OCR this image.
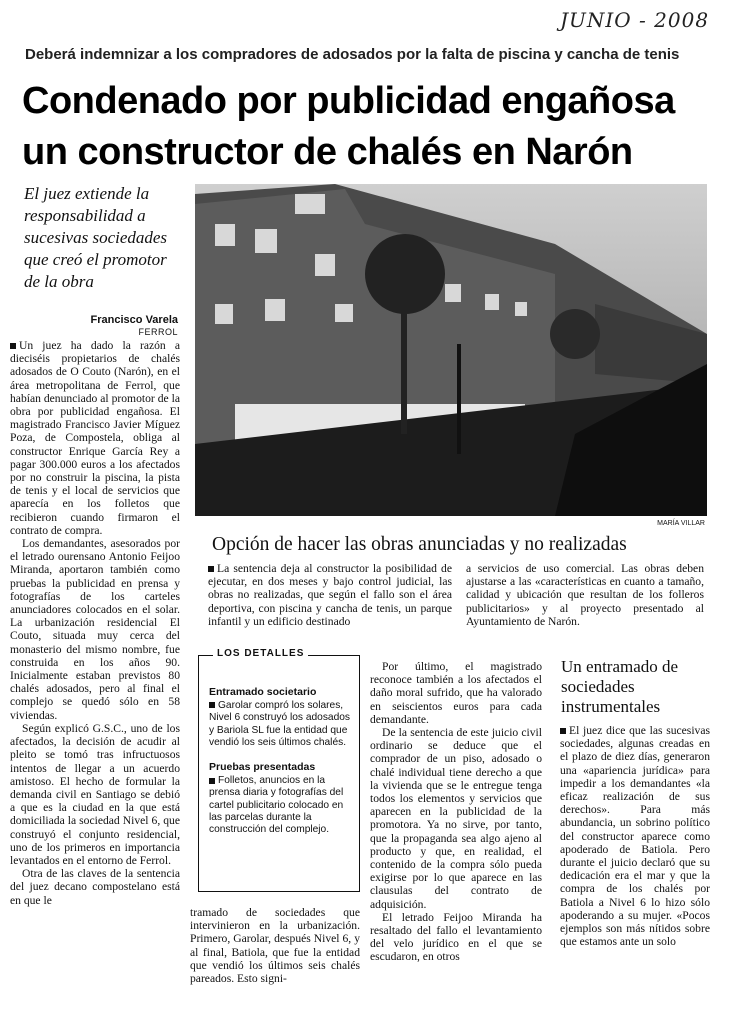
JUNIO - 2008
Deberá indemnizar a los compradores de adosados por la falta de piscina y cancha de tenis
Condenado por publicidad engañosa
un constructor de chalés en Narón
El juez extiende la responsabilidad a sucesivas sociedades que creó el promotor de la obra
Francisco Varela
FERROL
MARÍA VILLAR

Un juez ha dado la razón a dieciséis propietarios de chalés adosados de O Couto (Narón), en el área metropolitana de Ferrol, que habían denunciado al promotor de la obra por publicidad engañosa. El magistrado Francisco Javier Míguez Poza, de Compostela, obliga al constructor Enrique García Rey a pagar 300.000 euros a los afectados por no construir la piscina, la pista de tenis y el local de servicios que aparecía en los folletos que recibieron cuando firmaron el contrato de compra.

Los demandantes, asesorados por el letrado ourensano Antonio Feijoo Miranda, aportaron también como pruebas la publicidad en prensa y fotografías de los carteles anunciadores colocados en el solar. La urbanización residencial El Couto, situada muy cerca del monasterio del mismo nombre, fue construida en los años 90. Inicialmente estaban previstos 80 chalés adosados, pero al final el complejo se quedó sólo en 58 viviendas.

Según explicó G.S.C., uno de los afectados, la decisión de acudir al pleito se tomó tras infructuosos intentos de llegar a un acuerdo amistoso. El hecho de formular la demanda civil en Santiago se debió a que es la ciudad en la que está domiciliada la sociedad Nivel 6, que construyó el conjunto residencial, uno de los primeros en importancia levantados en el entorno de Ferrol.

Otra de las claves de la sentencia del juez decano compostelano está en que le

Opción de hacer las obras anunciadas y no realizadas

La sentencia deja al constructor la posibilidad de ejecutar, en dos meses y bajo control judicial, las obras no realizadas, que según el fallo son el área deportiva, con piscina y cancha de tenis, un parque infantil y un edificio destinado

a servicios de uso comercial. Las obras deben ajustarse a las «características en cuanto a tamaño, calidad y ubicación que resultan de los folleros publicitarios» y al proyecto presentado al Ayuntamiento de Narón.

LOS DETALLES
Entramado societario

Garolar compró los solares, Nivel 6 construyó los adosados y Bariola SL fue la entidad que vendió los seis últimos chalés.

Pruebas presentadas

Folletos, anuncios en la prensa diaria y fotografías del cartel publicitario colocado en las parcelas durante la construcción del complejo.

tramado de sociedades que intervinieron en la urbanización. Primero, Garolar, después Nivel 6, y al final, Batiola, que fue la entidad que vendió los últimos seis chalés pareados. Esto signi-

Por último, el magistrado reconoce también a los afectados el daño moral sufrido, que ha valorado en seiscientos euros para cada demandante.

De la sentencia de este juicio civil ordinario se deduce que el comprador de un piso, adosado o chalé individual tiene derecho a que la vivienda que se le entregue tenga todos los elementos y servicios que aparecen en la publicidad de la promotora. Ya no sirve, por tanto, que la propaganda sea algo ajeno al producto y que, en realidad, el contenido de la compra sólo pueda exigirse por lo que aparece en las clausulas del contrato de adquisición.

El letrado Feijoo Miranda ha resaltado del fallo el levantamiento del velo jurídico en el que se escudaron, en otros

Un entramado de sociedades instrumentales

El juez dice que las sucesivas sociedades, algunas creadas en el plazo de diez días, generaron una «apariencia jurídica» para impedir a los demandantes «la eficaz realización de sus derechos». Para más abundancia, un sobrino político del constructor aparece como apoderado de Batiola. Pero durante el juicio declaró que su dedicación era el mar y que la compra de los chalés por Batiola a Nivel 6 lo hizo sólo apoderando a su mujer. «Pocos ejemplos son más nítidos sobre que estamos ante un solo
